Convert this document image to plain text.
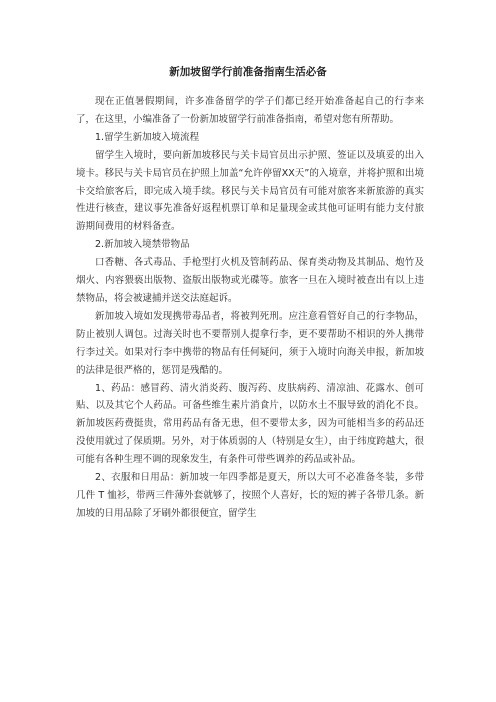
新加坡留学行前准备指南生活必备

现在正值暑假期间，许多准备留学的学子们都已经开始准备起自己的行李来了，在这里，小编准备了一份新加坡留学行前准备指南，希望对您有所帮助。

1.留学生新加坡入境流程

留学生入境时，要向新加坡移民与关卡局官员出示护照、签证以及填妥的出入境卡。移民与关卡局官员在护照上加盖“允许停留XX天”的入境章，并将护照和出境卡交给旅客后，即完成入境手续。移民与关卡局官员有可能对旅客来新旅游的真实性进行核查，建议事先准备好返程机票订单和足量现金或其他可证明有能力支付旅游期间费用的材料备查。

2.新加坡入境禁带物品

口香糖、各式毒品、手枪型打火机及管制药品、保育类动物及其制品、炮竹及烟火、内容猥亵出版物、盗版出版物或光碟等。旅客一旦在入境时被查出有以上违禁物品，将会被逮捕并送交法庭起诉。

新加坡入境如发现携带毒品者，将被判死刑。应注意看管好自己的行李物品，防止被别人调包。过海关时也不要帮别人提拿行李，更不要帮助不相识的外人携带行李过关。如果对行李中携带的物品有任何疑问，须于入境时向海关申报，新加坡的法律是很严格的，惩罚是残酷的。

1、药品：感冒药、清火消炎药、腹泻药、皮肤病药、清凉油、花露水、创可贴、以及其它个人药品。可备些维生素片消食片，以防水土不服导致的消化不良。新加坡医药费挺贵，常用药品有备无患，但不要带太多，因为可能相当多的药品还没使用就过了保质期。另外，对于体质弱的人（特别是女生），由于纬度跨越大，很可能有各种生理不调的现象发生，有条件可带些调养的药品或补品。

2、衣服和日用品：新加坡一年四季都是夏天，所以大可不必准备冬装，多带几件 T 恤衫，带两三件薄外套就够了，按照个人喜好，长的短的裤子各带几条。新加坡的日用品除了牙刷外都很便宜，留学生
